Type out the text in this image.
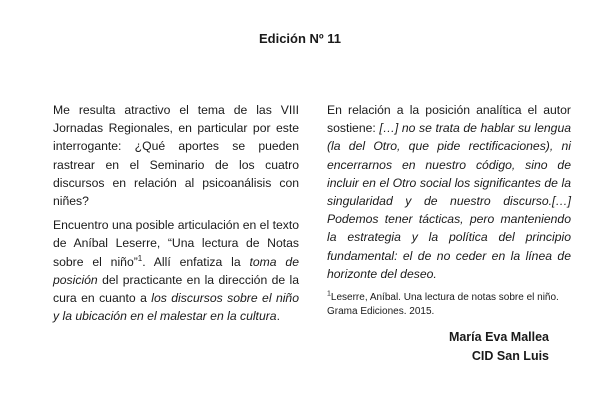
Edición Nº 11

Me resulta atractivo el tema de las VIII Jornadas Regionales, en particular por este interrogante: ¿Qué aportes se pueden rastrear en el Seminario de los cuatro discursos en relación al psicoanálisis con niñes?

Encuentro una posible articulación en el texto de Aníbal Leserre, “Una lectura de Notas sobre el niño”$^1$. Allí enfatiza la toma de posición del practicante en la dirección de la cura en cuanto a los discursos sobre el niño y la ubicación en el malestar en la cultura.

En relación a la posición analítica el autor sostiene: […] no se trata de hablar su lengua (la del Otro, que pide rectificaciones), ni encerrarnos en nuestro código, sino de incluir en el Otro social los significantes de la singularidad y de nuestro discurso.[…] Podemos tener tácticas, pero manteniendo la estrategia y la política del principio fundamental: el de no ceder en la línea de horizonte del deseo.

$^1$Leserre, Aníbal. Una lectura de notas sobre el niño. Grama Ediciones. 2015.
María Eva Mallea
CID San Luis
